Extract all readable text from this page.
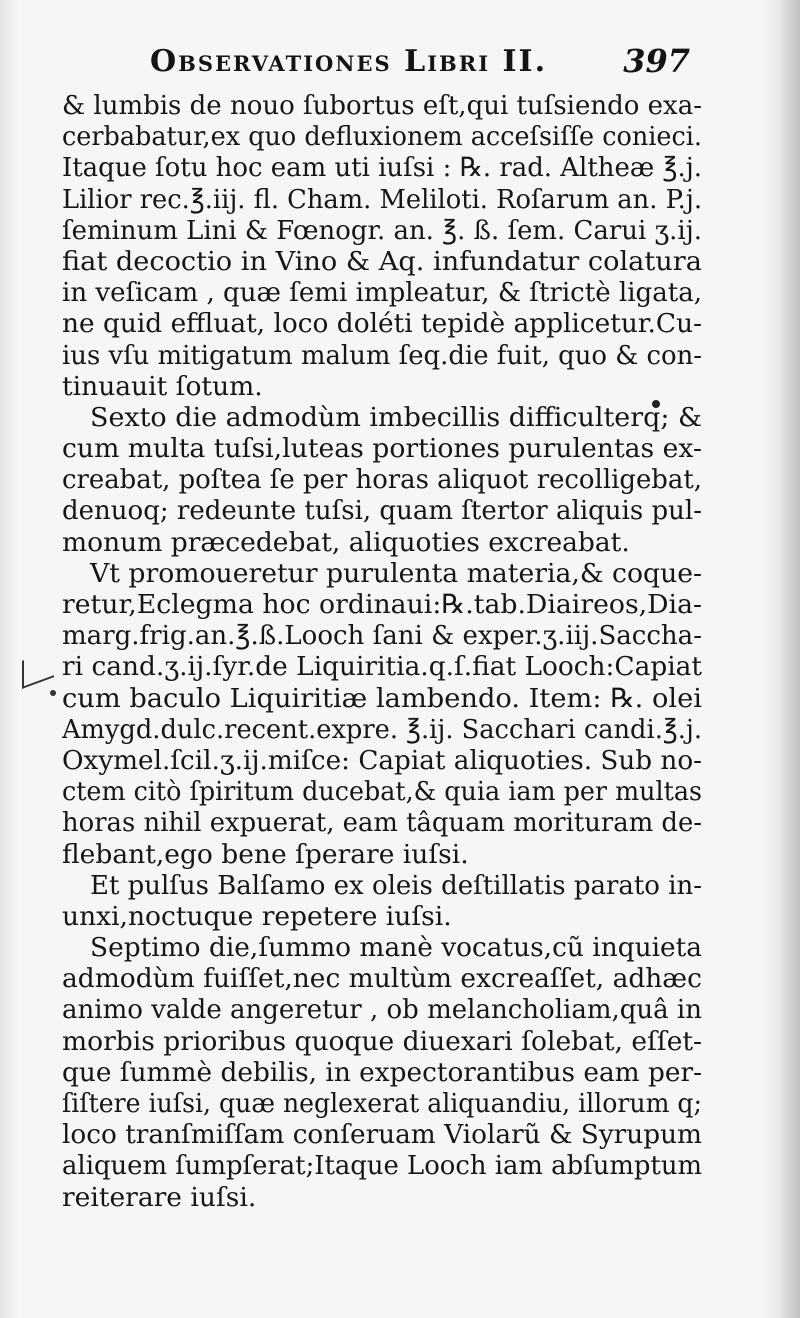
Observationes Libri II. 397
& lumbis de nouo ſubortus eſt,qui tuſsiendo exa-
cerbabatur,ex quo defluxionem acceſsiſſe conieci.
Itaque ſotu hoc eam uti iuſsi : ℞. rad. Altheæ ℥.j.
Lilior rec.℥.iij. fl. Cham. Meliloti. Roſarum an. P.j.
ſeminum Lini & Fœnogr. an. ℥. ß. ſem. Carui ʒ.ij.
fiat decoctio in Vino & Aq. infundatur colatura
in veſicam , quæ ſemi impleatur, & ſtrictè ligata,
ne quid effluat, loco doléti tepidè applicetur.Cu-
ius vſu mitigatum malum ſeq.die fuit, quo & con-
tinuauit ſotum.
Sexto die admodùm imbecillis difficulterq; &
cum multa tuſsi,luteas portiones purulentas ex-
creabat, poſtea ſe per horas aliquot recolligebat,
denuoq; redeunte tuſsi, quam ſtertor aliquis pul-
monum præcedebat, aliquoties excreabat.
Vt promoueretur purulenta materia,& coque-
retur,Eclegma hoc ordinaui:℞.tab.Diaireos,Dia-
marg.frig.an.℥.ß.Looch ſani & exper.ʒ.iij.Saccha-
ri cand.ʒ.ij.ſyr.de Liquiritia.q.ſ.fiat Looch:Capiat
cum baculo Liquiritiæ lambendo. Item: ℞. olei
Amygd.dulc.recent.expre. ℥.ij. Sacchari candi.℥.j.
Oxymel.ſcil.ʒ.ij.miſce: Capiat aliquoties. Sub no-
ctem citò ſpiritum ducebat,& quia iam per multas
horas nihil expuerat, eam tâquam morituram de-
flebant,ego bene ſperare iuſsi.
Et pulſus Balſamo ex oleis deſtillatis parato in-
unxi,noctuque repetere iuſsi.
Septimo die,ſummo manè vocatus,cũ inquieta
admodùm fuiſſet,nec multùm excreaſſet, adhæc
animo valde angeretur , ob melancholiam,quâ in
morbis prioribus quoque diuexari ſolebat, eſſet-
que ſummè debilis, in expectorantibus eam per-
ſiſtere iuſsi, quæ neglexerat aliquandiu, illorum q;
loco tranſmiſſam conſeruam Violarũ & Syrupum
aliquem ſumpſerat;Itaque Looch iam abſumptum
reiterare iuſsi.
